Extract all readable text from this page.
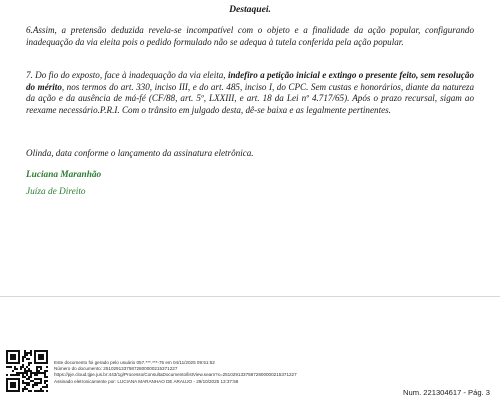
Destaquei.

6.Assim, a pretensão deduzida revela-se incompatível com o objeto e a finalidade da ação popular, configurando inadequação da via eleita pois o pedido formulado não se adequa à tutela conferida pela ação popular.

7. Do fio do exposto, face à inadequação da via eleita, indefiro a petição inicial e extingo o presente feito, sem resolução do mérito, nos termos do art. 330, inciso III, e do art. 485, inciso I, do CPC. Sem custas e honorários, diante da natureza da ação e da ausência de má-fé (CF/88, art. 5º, LXXIII, e art. 18 da Lei nº 4.717/65). Após o prazo recursal, sigam ao reexame necessário.P.R.I. Com o trânsito em julgado desta, dê-se baixa e as legalmente pertinentes.

Olinda, data conforme o lançamento da assinatura eletrônica.

Luciana Maranhão
Juíza de Direito
Este documento foi gerado pelo usuário 057.***.***-75 em 04/11/2025 09:51:52
Número do documento: 25102913375872800000215371227
https://pje.cloud.tjpe.jus.br:443/1g/Processo/ConsultaDocumento/listView.seam?x=25102913375872800000215371227
Assinado eletronicamente por: LUCIANA MARANHAO DE ARAUJO - 29/10/2025 13:37:58
Num. 221304617 - Pág. 3
